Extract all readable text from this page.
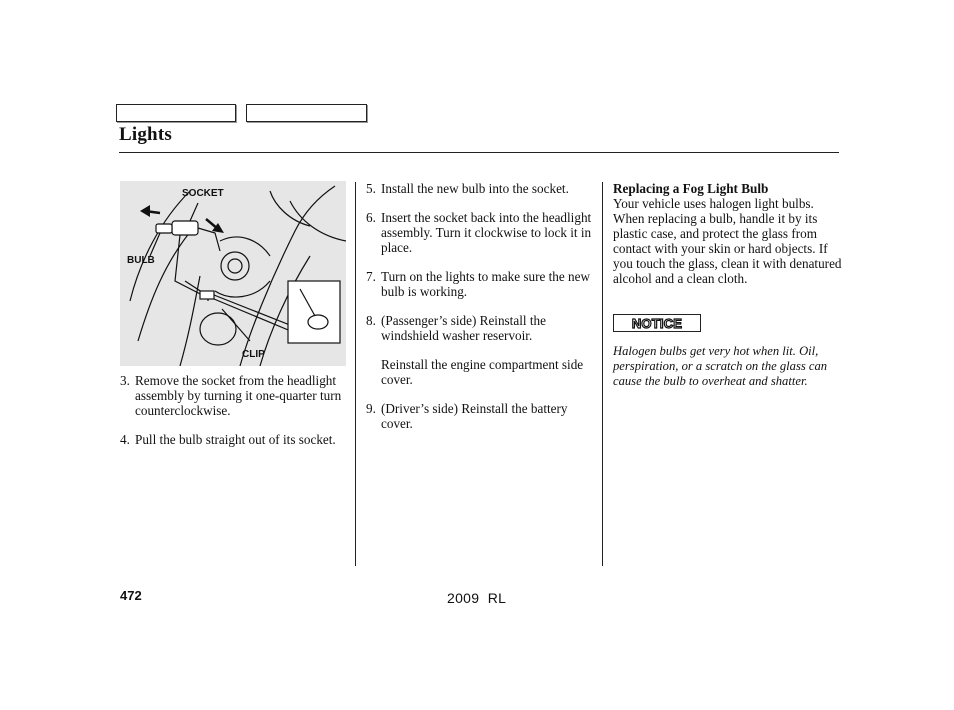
Lights
SOCKET
BULB
CLIP
3. Remove the socket from the headlight assembly by turning it one-quarter turn counterclockwise.
4. Pull the bulb straight out of its socket.
5. Install the new bulb into the socket.
6. Insert the socket back into the headlight assembly. Turn it clockwise to lock it in place.
7. Turn on the lights to make sure the new bulb is working.
8. (Passenger’s side) Reinstall the windshield washer reservoir.
Reinstall the engine compartment side cover.
9. (Driver’s side) Reinstall the battery cover.
Replacing a Fog Light Bulb
Your vehicle uses halogen light bulbs. When replacing a bulb, handle it by its plastic case, and protect the glass from contact with your skin or hard objects. If you touch the glass, clean it with denatured alcohol and a clean cloth.
NOTICE
Halogen bulbs get very hot when lit. Oil, perspiration, or a scratch on the glass can cause the bulb to overheat and shatter.
472	2009  RL
